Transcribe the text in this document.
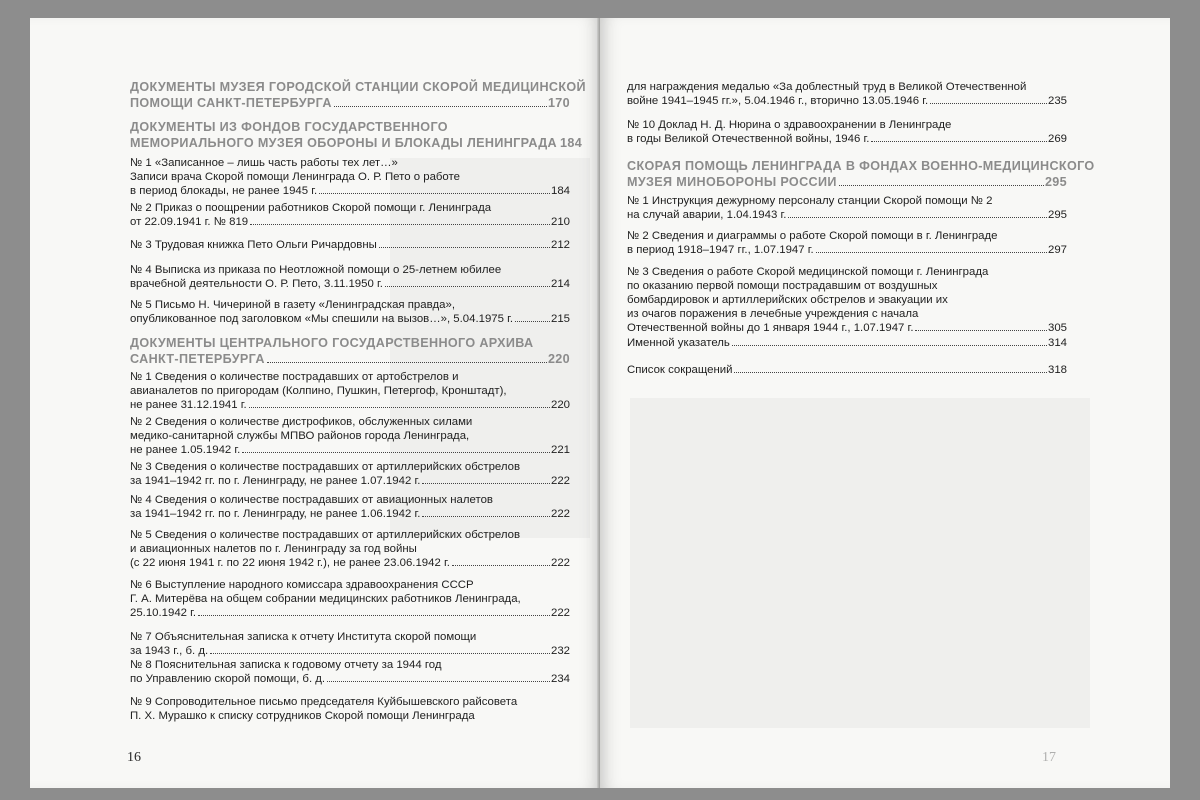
ДОКУМЕНТЫ МУЗЕЯ ГОРОДСКОЙ СТАНЦИИ СКОРОЙ МЕДИЦИНСКОЙ
ПОМОЩИ САНКТ-ПЕТЕРБУРГА	170
ДОКУМЕНТЫ ИЗ ФОНДОВ ГОСУДАРСТВЕННОГО
МЕМОРИАЛЬНОГО МУЗЕЯ ОБОРОНЫ И БЛОКАДЫ ЛЕНИНГРАДА 184
№ 1 «Записанное – лишь часть работы тех лет…»
Записи врача Скорой помощи Ленинграда О. Р. Пето о работе
в период блокады, не ранее 1945 г.	184
№ 2 Приказ о поощрении работников Скорой помощи г. Ленинграда
от 22.09.1941 г. № 819	210
№ 3 Трудовая книжка Пето Ольги Ричардовны	212
№ 4 Выписка из приказа по Неотложной помощи о 25-летнем юбилее
врачебной деятельности О. Р. Пето, 3.11.1950 г.	214
№ 5 Письмо Н. Чичериной в газету «Ленинградская правда»,
опубликованное под заголовком «Мы спешили на вызов…», 5.04.1975 г.	215
ДОКУМЕНТЫ ЦЕНТРАЛЬНОГО ГОСУДАРСТВЕННОГО АРХИВА
САНКТ-ПЕТЕРБУРГА	220
№ 1 Сведения о количестве пострадавших от артобстрелов и
авианалетов по пригородам (Колпино, Пушкин, Петергоф, Кронштадт),
не ранее 31.12.1941 г.	220
№ 2 Сведения о количестве дистрофиков, обслуженных силами
медико-санитарной службы МПВО районов города Ленинграда,
не ранее 1.05.1942 г.	221
№ 3 Сведения о количестве пострадавших от артиллерийских обстрелов
за 1941–1942 гг. по г. Ленинграду, не ранее 1.07.1942 г.	222
№ 4 Сведения о количестве пострадавших от авиационных налетов
за 1941–1942 гг. по г. Ленинграду, не ранее 1.06.1942 г.	222
№ 5 Сведения о количестве пострадавших от артиллерийских обстрелов
и авиационных налетов по г. Ленинграду за год войны
(с 22 июня 1941 г. по 22 июня 1942 г.), не ранее 23.06.1942 г.	222
№ 6 Выступление народного комиссара здравоохранения СССР
Г. А. Митерёва на общем собрании медицинских работников Ленинграда,
25.10.1942 г.	222
№ 7 Объяснительная записка к отчету Института скорой помощи
за 1943 г., б. д.	232
№ 8 Пояснительная записка к годовому отчету за 1944 год
по Управлению скорой помощи, б. д.	234
№ 9 Сопроводительное письмо председателя Куйбышевского райсовета
П. Х. Мурашко к списку сотрудников Скорой помощи Ленинграда
16
для награждения медалью «За доблестный труд в Великой Отечественной
войне 1941–1945 гг.», 5.04.1946 г., вторично 13.05.1946 г.	235
№ 10 Доклад Н. Д. Нюрина о здравоохранении в Ленинграде
в годы Великой Отечественной войны, 1946 г.	269
СКОРАЯ ПОМОЩЬ ЛЕНИНГРАДА В ФОНДАХ ВОЕННО-МЕДИЦИНСКОГО
МУЗЕЯ МИНОБОРОНЫ РОССИИ	295
№ 1 Инструкция дежурному персоналу станции Скорой помощи № 2
на случай аварии, 1.04.1943 г.	295
№ 2 Сведения и диаграммы о работе Скорой помощи в г. Ленинграде
в период 1918–1947 гг., 1.07.1947 г.	297
№ 3 Сведения о работе Скорой медицинской помощи г. Ленинграда
по оказанию первой помощи пострадавшим от воздушных
бомбардировок и артиллерийских обстрелов и эвакуации их
из очагов поражения в лечебные учреждения с начала
Отечественной войны до 1 января 1944 г., 1.07.1947 г.	305
Именной указатель	314
Список сокращений	318
17
